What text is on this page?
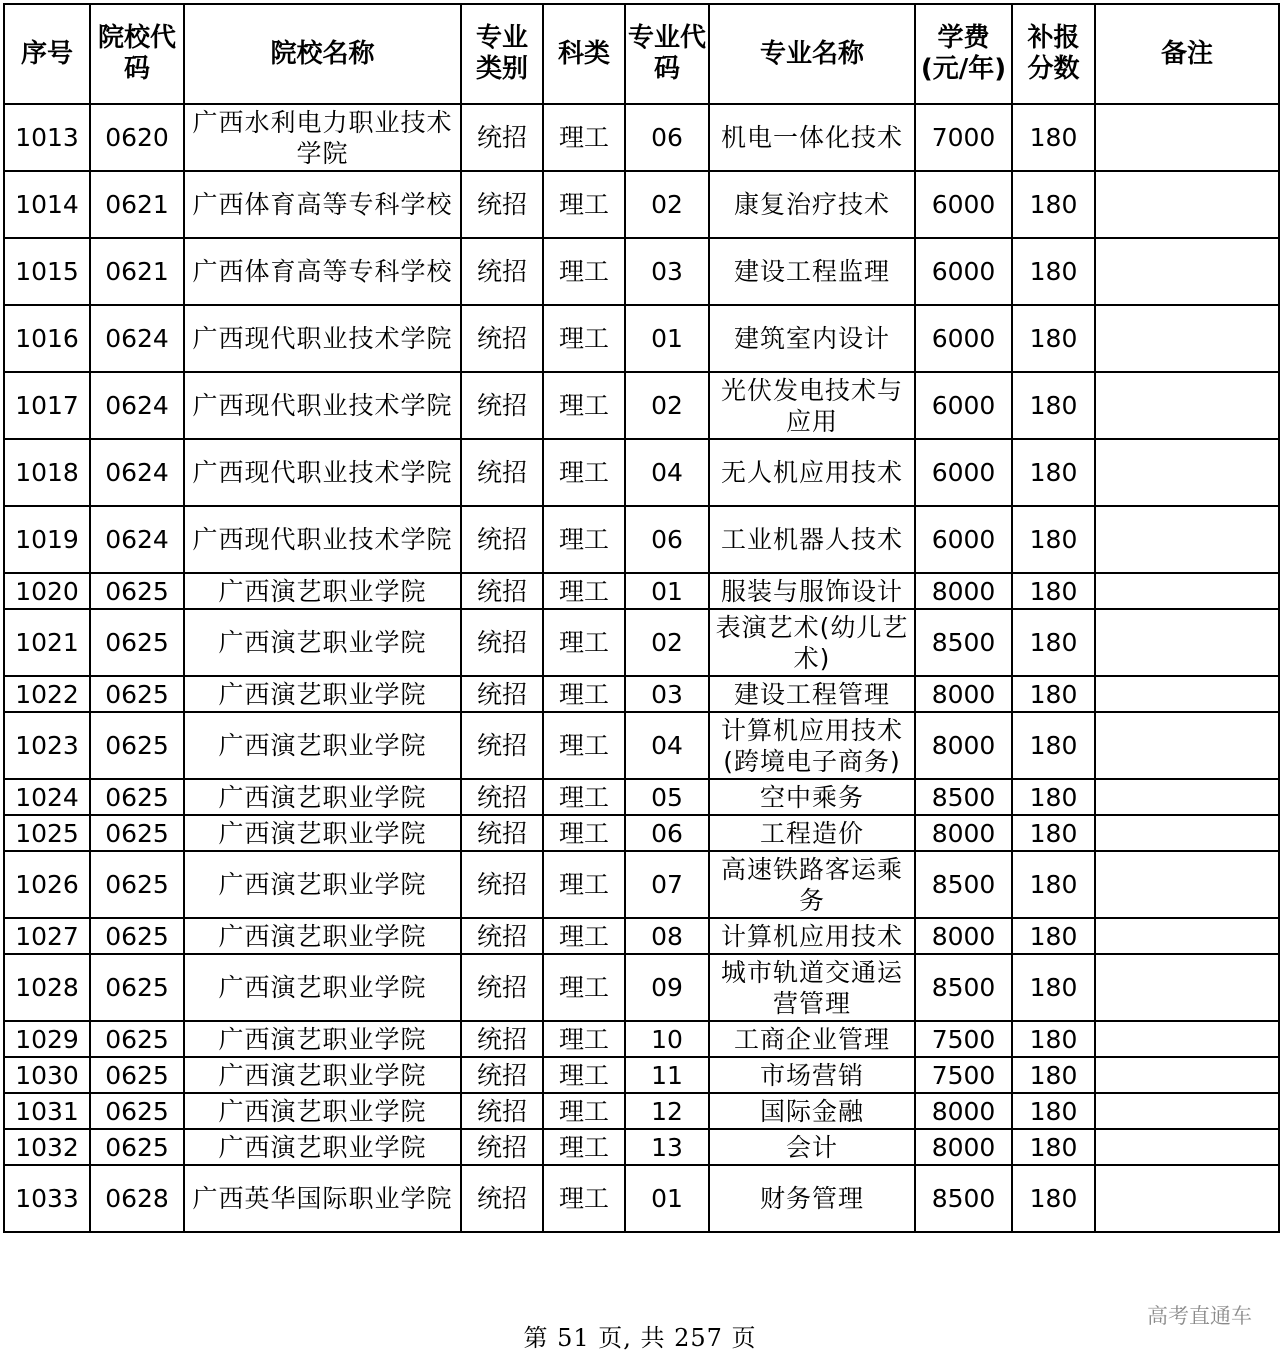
序号	院校代码	院校名称	专业类别	科类	专业代码	专业名称	学费(元/年)	补报分数	备注
1013	0620	广西水利电力职业技术学院	统招	理工	06	机电一体化技术	7000	180	
1014	0621	广西体育高等专科学校	统招	理工	02	康复治疗技术	6000	180	
1015	0621	广西体育高等专科学校	统招	理工	03	建设工程监理	6000	180	
1016	0624	广西现代职业技术学院	统招	理工	01	建筑室内设计	6000	180	
1017	0624	广西现代职业技术学院	统招	理工	02	光伏发电技术与应用	6000	180	
1018	0624	广西现代职业技术学院	统招	理工	04	无人机应用技术	6000	180	
1019	0624	广西现代职业技术学院	统招	理工	06	工业机器人技术	6000	180	
1020	0625	广西演艺职业学院	统招	理工	01	服装与服饰设计	8000	180	
1021	0625	广西演艺职业学院	统招	理工	02	表演艺术(幼儿艺术)	8500	180	
1022	0625	广西演艺职业学院	统招	理工	03	建设工程管理	8000	180	
1023	0625	广西演艺职业学院	统招	理工	04	计算机应用技术(跨境电子商务)	8000	180	
1024	0625	广西演艺职业学院	统招	理工	05	空中乘务	8500	180	
1025	0625	广西演艺职业学院	统招	理工	06	工程造价	8000	180	
1026	0625	广西演艺职业学院	统招	理工	07	高速铁路客运乘务	8500	180	
1027	0625	广西演艺职业学院	统招	理工	08	计算机应用技术	8000	180	
1028	0625	广西演艺职业学院	统招	理工	09	城市轨道交通运营管理	8500	180	
1029	0625	广西演艺职业学院	统招	理工	10	工商企业管理	7500	180	
1030	0625	广西演艺职业学院	统招	理工	11	市场营销	7500	180	
1031	0625	广西演艺职业学院	统招	理工	12	国际金融	8000	180	
1032	0625	广西演艺职业学院	统招	理工	13	会计	8000	180	
1033	0628	广西英华国际职业学院	统招	理工	01	财务管理	8500	180	
第 51 页, 共 257 页
高考直通车
